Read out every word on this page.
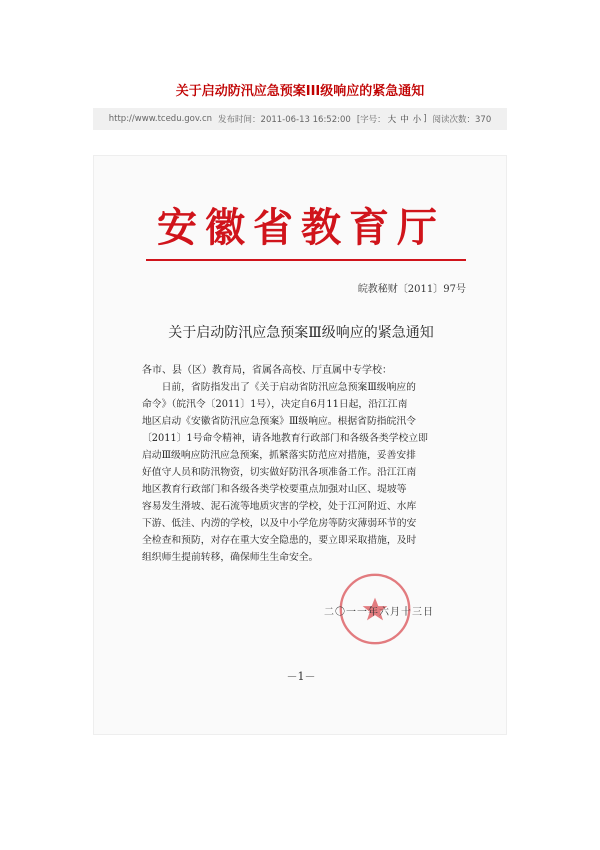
关于启动防汛应急预案III级响应的紧急通知
http://www.tcedu.gov.cn 发布时间：2011-06-13 16:52:00 [字号： 大 中 小 ] 阅读次数：370
安徽省教育厅
皖教秘财〔2011〕97号
关于启动防汛应急预案Ⅲ级响应的紧急通知
各市、县（区）教育局，省属各高校、厅直属中专学校：
　　日前，省防指发出了《关于启动省防汛应急预案Ⅲ级响应的
命令》（皖汛令〔2011〕1号），决定自6月11日起，沿江江南
地区启动《安徽省防汛应急预案》Ⅲ级响应。根据省防指皖汛令
〔2011〕1号命令精神，请各地教育行政部门和各级各类学校立即
启动Ⅲ级响应防汛应急预案，抓紧落实防范应对措施，妥善安排
好值守人员和防汛物资，切实做好防汛各项准备工作。沿江江南
地区教育行政部门和各级各类学校要重点加强对山区、堤坡等
容易发生滑坡、泥石流等地质灾害的学校，处于江河附近、水库
下游、低洼、内涝的学校，以及中小学危房等防灾薄弱环节的安
全检查和预防，对存在重大安全隐患的，要立即采取措施，及时
组织师生提前转移，确保师生生命安全。
二〇一一年六月十三日
－1－
